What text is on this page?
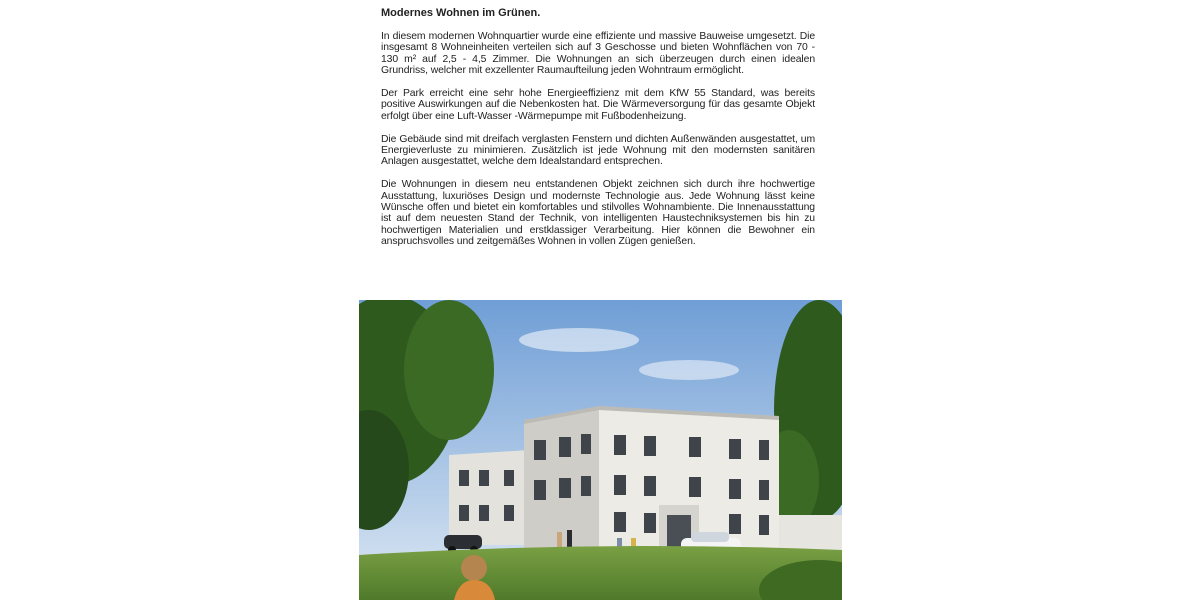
Modernes Wohnen im Grünen.

In diesem modernen Wohnquartier wurde eine effiziente und massive Bauweise umgesetzt. Die insgesamt 8 Wohneinheiten verteilen sich auf 3 Geschosse und bieten Wohnflächen von 70 - 130 m² auf 2,5 - 4,5 Zimmer. Die Wohnungen an sich überzeugen durch einen idealen Grundriss, welcher mit exzellenter Raumaufteilung jeden Wohntraum ermöglicht.

Der Park erreicht eine sehr hohe Energieeffizienz mit dem KfW 55 Standard, was bereits positive Auswirkungen auf die Nebenkosten hat. Die Wärmeversorgung für das gesamte Objekt erfolgt über eine Luft-Wasser -Wärmepumpe mit Fußbodenheizung.

Die Gebäude sind mit dreifach verglasten Fenstern und dichten Außenwänden ausgestattet, um Energieverluste zu minimieren. Zusätzlich ist jede Wohnung mit den modernsten sanitären Anlagen ausgestattet, welche dem Idealstandard entsprechen.

Die Wohnungen in diesem neu entstandenen Objekt zeichnen sich durch ihre hochwertige Ausstattung, luxuriöses Design und modernste Technologie aus. Jede Wohnung lässt keine Wünsche offen und bietet ein komfortables und stilvolles Wohnambiente. Die Innenausstattung ist auf dem neuesten Stand der Technik, von intelligenten Haustechniksystemen bis hin zu hochwertigen Materialien und erstklassiger Verarbeitung. Hier können die Bewohner ein anspruchsvolles und zeitgemäßes Wohnen in vollen Zügen genießen.
